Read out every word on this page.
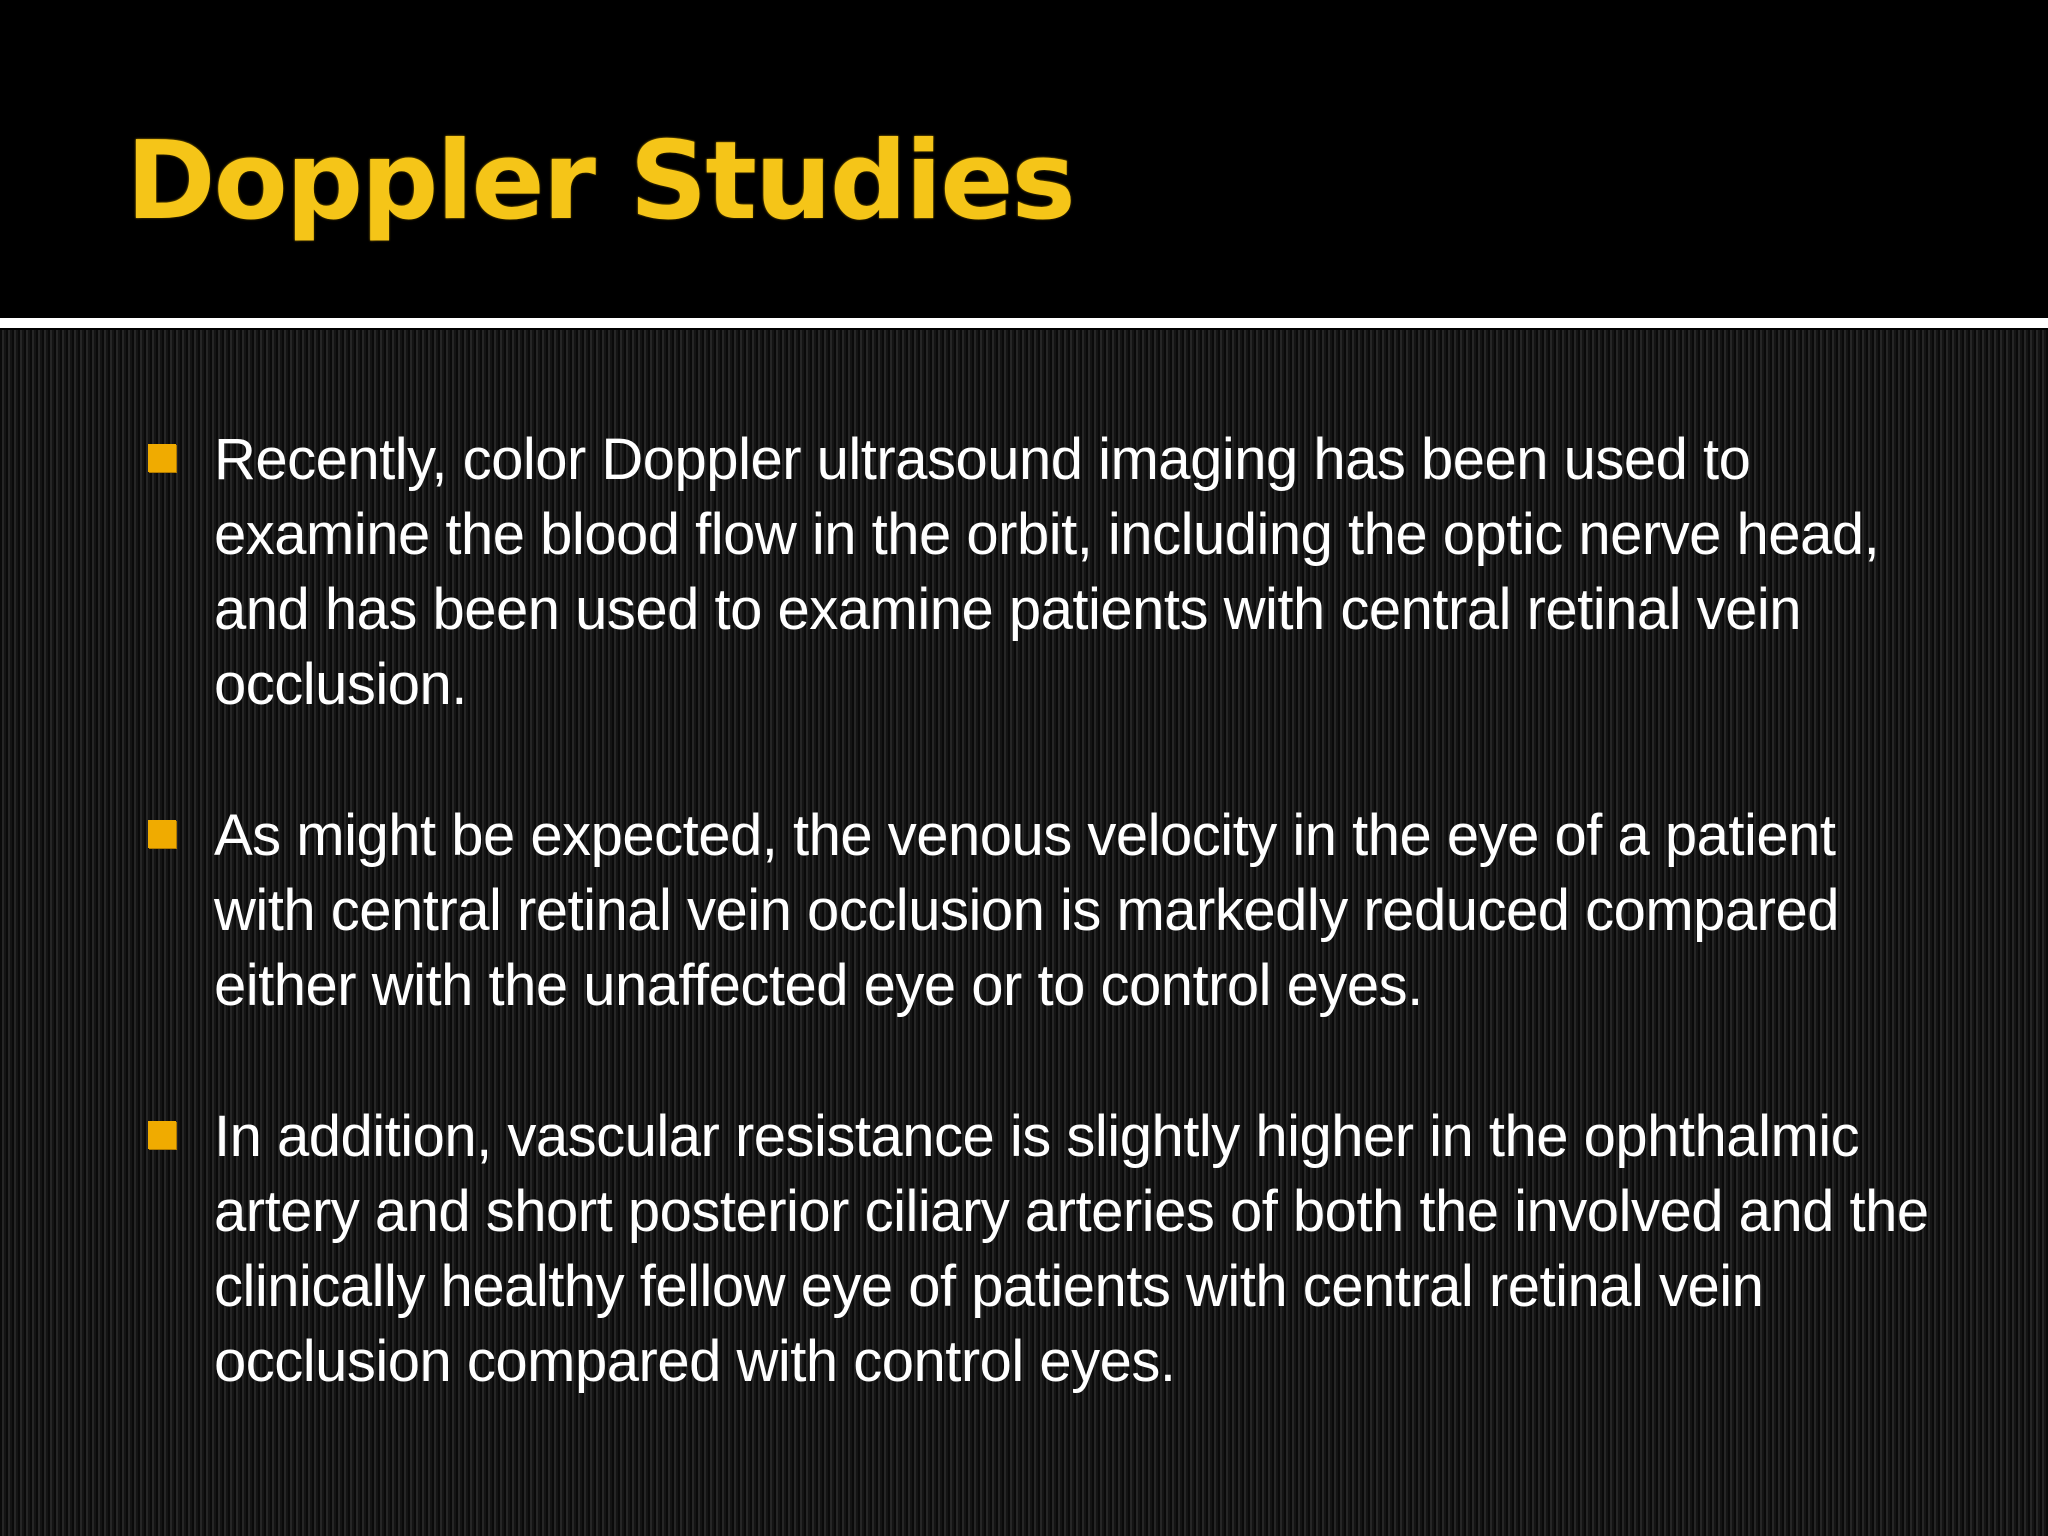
Doppler Studies
Recently, color Doppler ultrasound imaging has been used to examine the blood flow in the orbit, including the optic nerve head, and has been used to examine patients with central retinal vein occlusion.
As might be expected, the venous velocity in the eye of a patient with central retinal vein occlusion is markedly reduced compared either with the unaffected eye or to control eyes.
In addition, vascular resistance is slightly higher in the ophthalmic artery and short posterior ciliary arteries of both the involved and the clinically healthy fellow eye of patients with central retinal vein occlusion compared with control eyes.
